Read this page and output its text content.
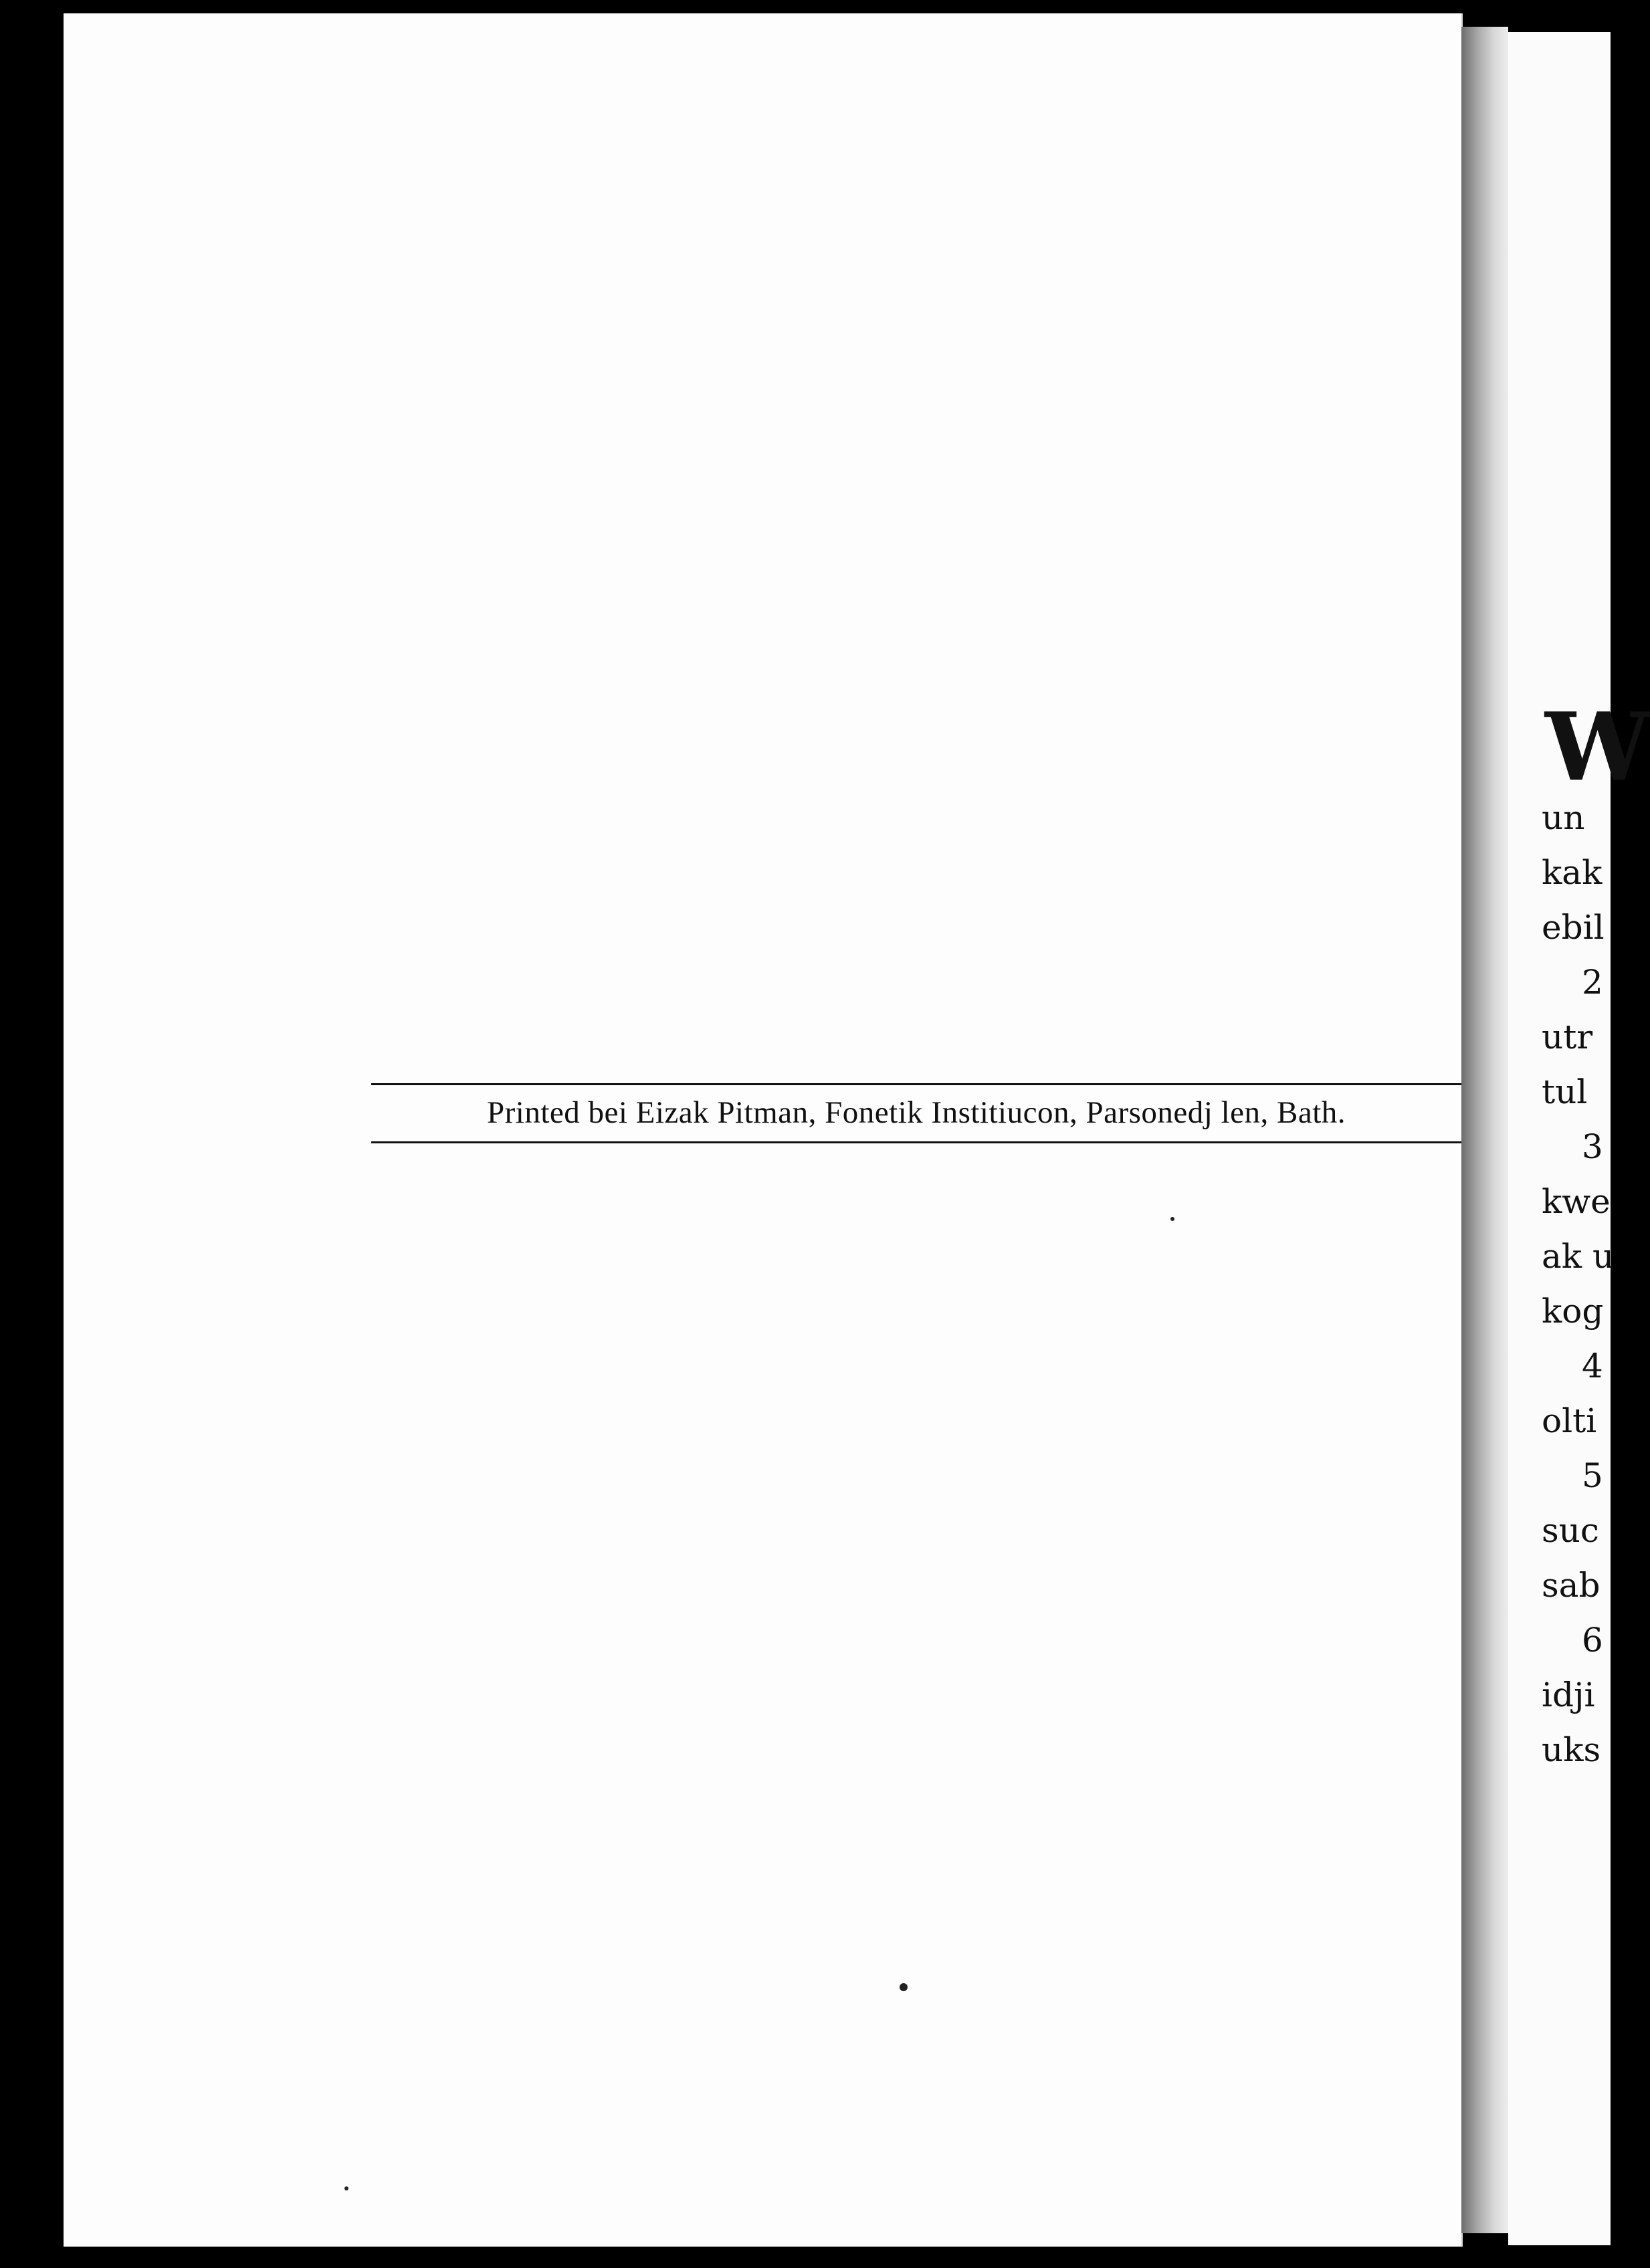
Printed bei Eizak Pitman, Fonetik Institiucon, Parsonedj len, Bath.
W
un
kak
ebil
2
utr
tul
3
kwe
ak u
kog
4
olti
5
suc
sab
6
idji
uks
